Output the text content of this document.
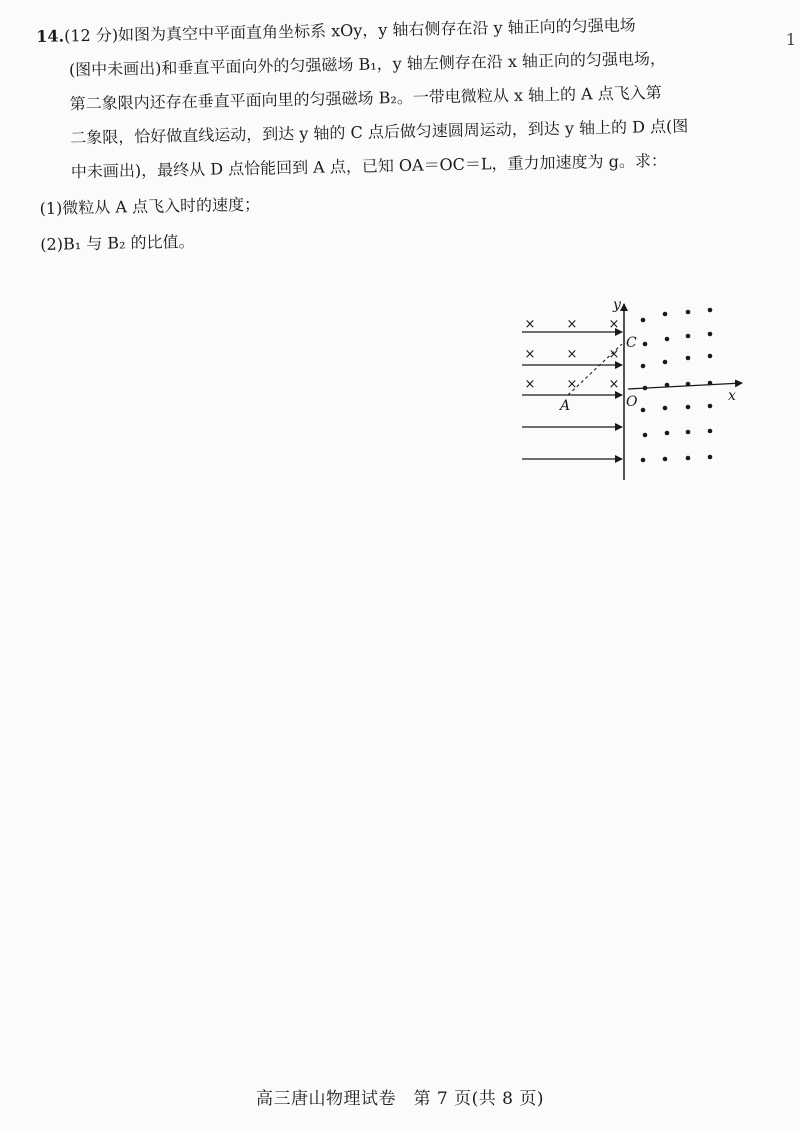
1

14.(12 分)如图为真空中平面直角坐标系 xOy，y 轴右侧存在沿 y 轴正向的匀强电场

(图中未画出)和垂直平面向外的匀强磁场 B₁，y 轴左侧存在沿 x 轴正向的匀强电场，

第二象限内还存在垂直平面向里的匀强磁场 B₂。一带电微粒从 x 轴上的 A 点飞入第

二象限，恰好做直线运动，到达 y 轴的 C 点后做匀速圆周运动，到达 y 轴上的 D 点(图

中未画出)，最终从 D 点恰能回到 A 点，已知 OA＝OC＝L，重力加速度为 g。求：

(1)微粒从 A 点飞入时的速度；

(2)B₁ 与 B₂ 的比值。

× × ×
× × ×
× × ×
y
x
O
A
C
高三唐山物理试卷　第 7 页(共 8 页)
